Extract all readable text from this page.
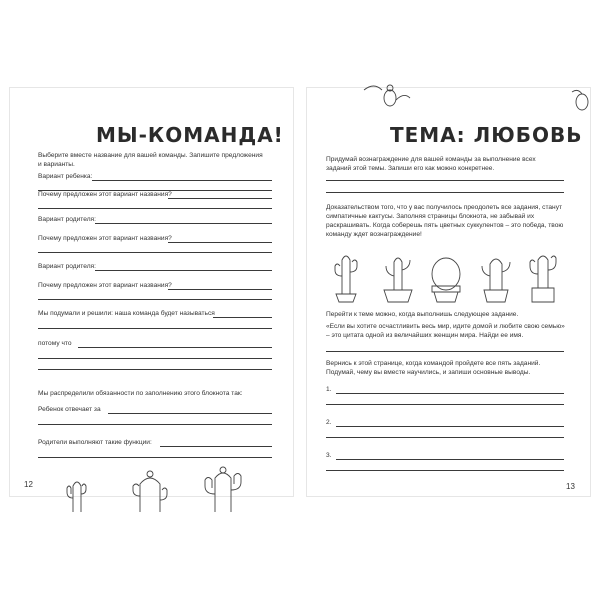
МЫ-КОМАНДА!
Выберите вместе название для вашей команды. Запишите предложения и варианты.
Вариант ребенка:
Почему предложен этот вариант названия?
Вариант родителя:
Почему предложен этот вариант названия?
Вариант родителя:
Почему предложен этот вариант названия?
Мы подумали и решили: наша команда будет называться
потому что
Мы распределили обязанности по заполнению этого блокнота так:
Ребенок отвечает за
Родители выполняют такие функции:
12
ТЕМА: ЛЮБОВЬ
Придумай вознаграждение для вашей команды за выполнение всех заданий этой темы. Запиши его как можно конкретнее.
Доказательством того, что у вас получилось преодолеть все задания, станут симпатичные кактусы. Заполняя страницы блокнота, не забывай их раскрашивать. Когда соберешь пять цветных суккулентов – это победа, твою команду ждет вознаграждение!
Перейти к теме можно, когда выполнишь следующее задание.
«Если вы хотите осчастливить весь мир, идите домой и любите свою семью» – это цитата одной из величайших женщин мира. Найди ее имя.
Вернись к этой странице, когда командой пройдете все пять заданий. Подумай, чему вы вместе научились, и запиши основные выводы.
1.
2.
3.
13
